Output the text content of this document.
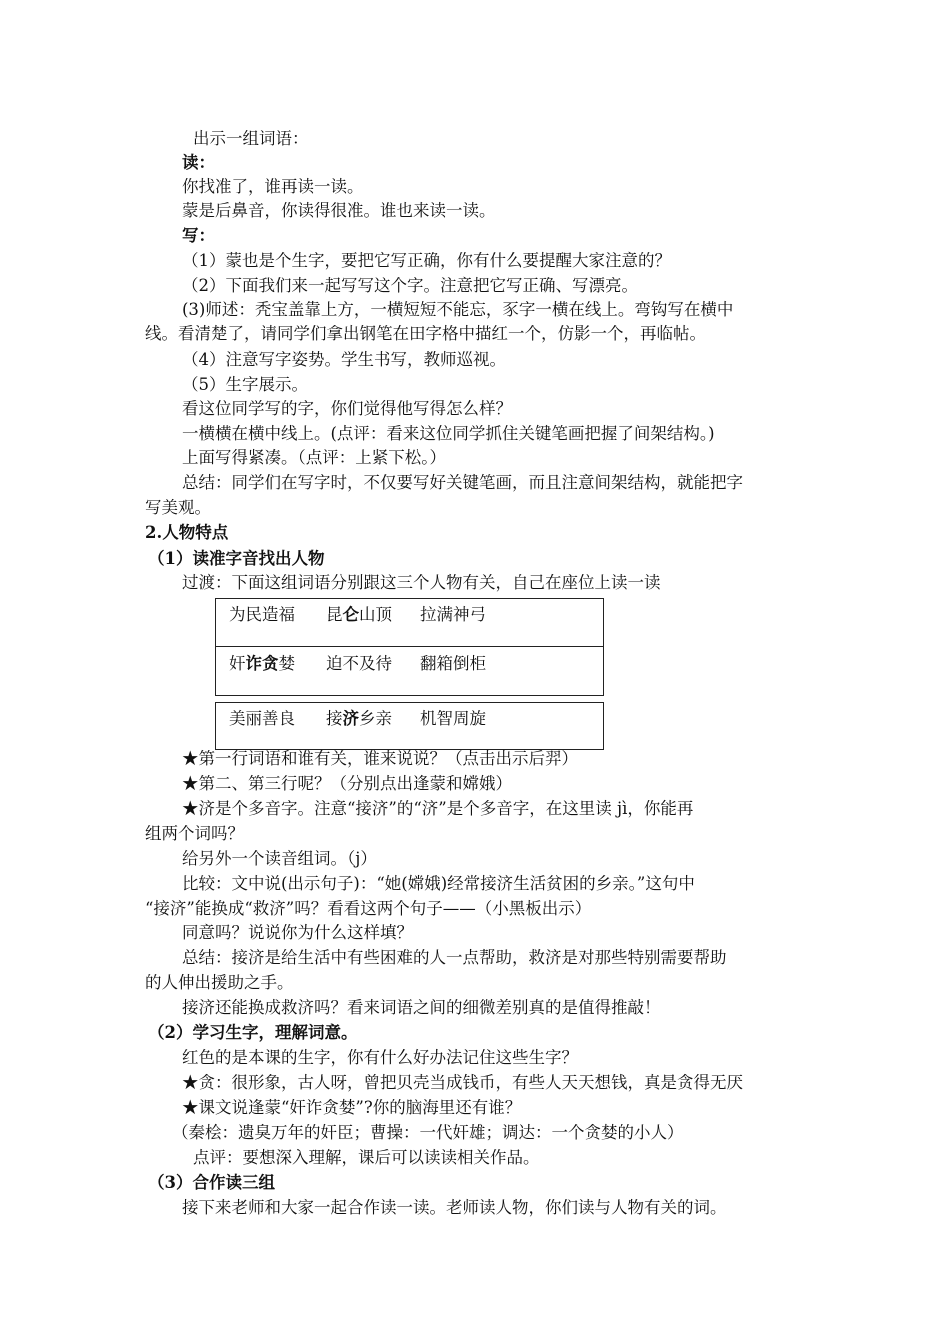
出示一组词语：
读：
你找准了，谁再读一读。
蒙是后鼻音，你读得很准。谁也来读一读。
写：
（1）蒙也是个生字，要把它写正确，你有什么要提醒大家注意的？
（2）下面我们来一起写写这个字。注意把它写正确、写漂亮。
(3)师述：秃宝盖靠上方，一横短短不能忘，豕字一横在线上。弯钩写在横中
线。看清楚了，请同学们拿出钢笔在田字格中描红一个，仿影一个，再临帖。
（4）注意写字姿势。学生书写，教师巡视。
（5）生字展示。
看这位同学写的字，你们觉得他写得怎么样？
一横横在横中线上。(点评：看来这位同学抓住关键笔画把握了间架结构。)
上面写得紧凑。（点评：上紧下松。）
总结：同学们在写字时，不仅要写好关键笔画，而且注意间架结构，就能把字
写美观。
2.人物特点
（1）读准字音找出人物
过渡：下面这组词语分别跟这三个人物有关，自己在座位上读一读
为民造福 昆仑山顶 拉满神弓
奸诈贪婪 迫不及待 翻箱倒柜
美丽善良 接济乡亲 机智周旋
★第一行词语和谁有关，谁来说说？（点击出示后羿）
★第二、第三行呢？（分别点出逢蒙和嫦娥）
★济是个多音字。注意“接济”的“济”是个多音字，在这里读 jì，你能再
组两个词吗？
给另外一个读音组词。（j）
比较：文中说(出示句子)：“她(嫦娥)经常接济生活贫困的乡亲。”这句中
“接济”能换成“救济”吗？看看这两个句子——（小黑板出示）
同意吗？说说你为什么这样填？
总结：接济是给生活中有些困难的人一点帮助，救济是对那些特别需要帮助
的人伸出援助之手。
接济还能换成救济吗？看来词语之间的细微差别真的是值得推敲！
（2）学习生字，理解词意。
红色的是本课的生字，你有什么好办法记住这些生字？
★贪：很形象，古人呀，曾把贝壳当成钱币，有些人天天想钱，真是贪得无厌
★课文说逢蒙“奸诈贪婪”?你的脑海里还有谁？
（秦桧：遗臭万年的奸臣；曹操：一代奸雄；调达：一个贪婪的小人）
点评：要想深入理解，课后可以读读相关作品。
（3）合作读三组
接下来老师和大家一起合作读一读。老师读人物，你们读与人物有关的词。
